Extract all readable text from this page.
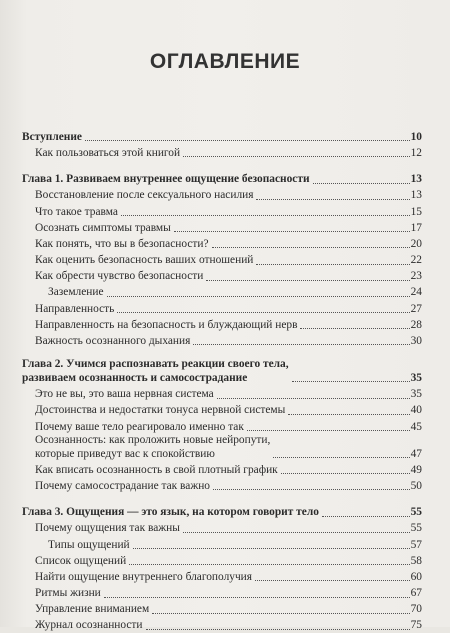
ОГЛАВЛЕНИЕ
Вступление	10
Как пользоваться этой книгой	12
Глава 1. Развиваем внутреннее ощущение безопасности	13
Восстановление после сексуального насилия	13
Что такое травма	15
Осознать симптомы травмы	17
Как понять, что вы в безопасности?	20
Как оценить безопасность ваших отношений	22
Как обрести чувство безопасности	23
Заземление	24
Направленность	27
Направленность на безопасность и блуждающий нерв	28
Важность осознанного дыхания	30
Глава 2. Учимся распознавать реакции своего тела,
развиваем осознанность и самосострадание	35
Это не вы, это ваша нервная система	35
Достоинства и недостатки тонуса нервной системы	40
Почему ваше тело реагировало именно так	45
Осознанность: как проложить новые нейропути,
которые приведут вас к спокойствию	47
Как вписать осознанность в свой плотный график	49
Почему самосострадание так важно	50
Глава 3. Ощущения — это язык, на котором говорит тело	55
Почему ощущения так важны	55
Типы ощущений	57
Список ощущений	58
Найти ощущение внутреннего благополучия	60
Ритмы жизни	67
Управление вниманием	70
Журнал осознанности	75
